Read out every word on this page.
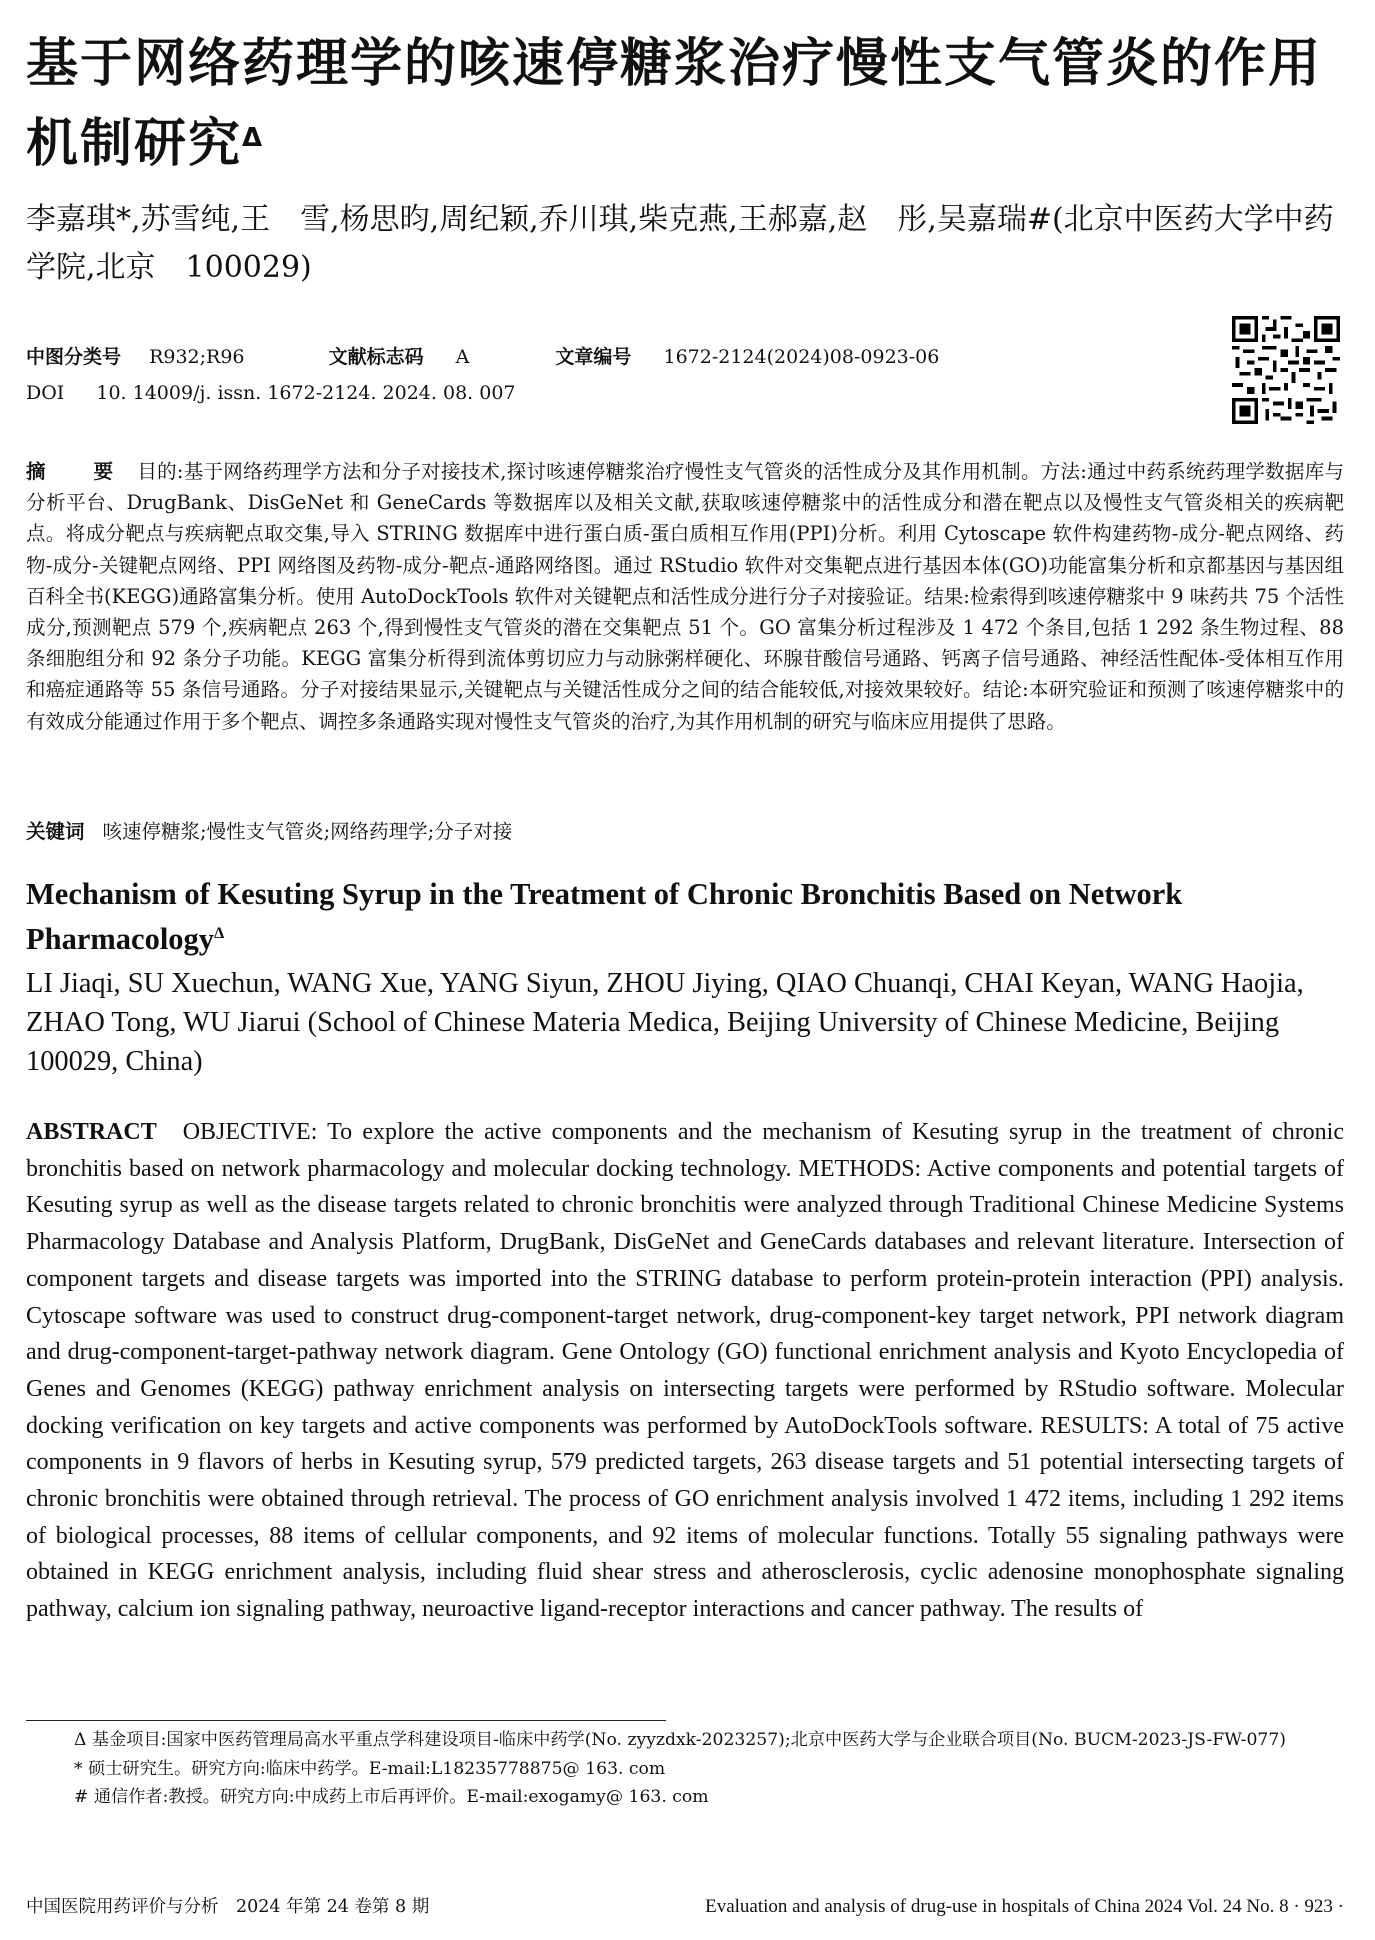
基于网络药理学的咳速停糖浆治疗慢性支气管炎的作用机制研究$^\Delta$
李嘉琪*,苏雪纯,王　雪,杨思昀,周纪颖,乔川琪,柴克燕,王郝嘉,赵　彤,吴嘉瑞#(北京中医药大学中药学院,北京　100029)
中图分类号 R932;R96	文献标志码 A	文章编号 1672-2124(2024)08-0923-06
DOI 10. 14009/j. issn. 1672-2124. 2024. 08. 007
摘　要 目的:基于网络药理学方法和分子对接技术,探讨咳速停糖浆治疗慢性支气管炎的活性成分及其作用机制。方法:通过中药系统药理学数据库与分析平台、DrugBank、DisGeNet 和 GeneCards 等数据库以及相关文献,获取咳速停糖浆中的活性成分和潜在靶点以及慢性支气管炎相关的疾病靶点。将成分靶点与疾病靶点取交集,导入 STRING 数据库中进行蛋白质-蛋白质相互作用(PPI)分析。利用 Cytoscape 软件构建药物-成分-靶点网络、药物-成分-关键靶点网络、PPI 网络图及药物-成分-靶点-通路网络图。通过 RStudio 软件对交集靶点进行基因本体(GO)功能富集分析和京都基因与基因组百科全书(KEGG)通路富集分析。使用 AutoDockTools 软件对关键靶点和活性成分进行分子对接验证。结果:检索得到咳速停糖浆中 9 味药共 75 个活性成分,预测靶点 579 个,疾病靶点 263 个,得到慢性支气管炎的潜在交集靶点 51 个。GO 富集分析过程涉及 1 472 个条目,包括 1 292 条生物过程、88 条细胞组分和 92 条分子功能。KEGG 富集分析得到流体剪切应力与动脉粥样硬化、环腺苷酸信号通路、钙离子信号通路、神经活性配体-受体相互作用和癌症通路等 55 条信号通路。分子对接结果显示,关键靶点与关键活性成分之间的结合能较低,对接效果较好。结论:本研究验证和预测了咳速停糖浆中的有效成分能通过作用于多个靶点、调控多条通路实现对慢性支气管炎的治疗,为其作用机制的研究与临床应用提供了思路。
关键词 咳速停糖浆;慢性支气管炎;网络药理学;分子对接
Mechanism of Kesuting Syrup in the Treatment of Chronic Bronchitis Based on Network Pharmacology$^\Delta$
LI Jiaqi, SU Xuechun, WANG Xue, YANG Siyun, ZHOU Jiying, QIAO Chuanqi, CHAI Keyan, WANG Haojia, ZHAO Tong, WU Jiarui (School of Chinese Materia Medica, Beijing University of Chinese Medicine, Beijing 100029, China)
ABSTRACT OBJECTIVE: To explore the active components and the mechanism of Kesuting syrup in the treatment of chronic bronchitis based on network pharmacology and molecular docking technology. METHODS: Active components and potential targets of Kesuting syrup as well as the disease targets related to chronic bronchitis were analyzed through Traditional Chinese Medicine Systems Pharmacology Database and Analysis Platform, DrugBank, DisGeNet and GeneCards databases and relevant literature. Intersection of component targets and disease targets was imported into the STRING database to perform protein-protein interaction (PPI) analysis. Cytoscape software was used to construct drug-component-target network, drug-component-key target network, PPI network diagram and drug-component-target-pathway network diagram. Gene Ontology (GO) functional enrichment analysis and Kyoto Encyclopedia of Genes and Genomes (KEGG) pathway enrichment analysis on intersecting targets were performed by RStudio software. Molecular docking verification on key targets and active components was performed by AutoDockTools software. RESULTS: A total of 75 active components in 9 flavors of herbs in Kesuting syrup, 579 predicted targets, 263 disease targets and 51 potential intersecting targets of chronic bronchitis were obtained through retrieval. The process of GO enrichment analysis involved 1 472 items, including 1 292 items of biological processes, 88 items of cellular components, and 92 items of molecular functions. Totally 55 signaling pathways were obtained in KEGG enrichment analysis, including fluid shear stress and atherosclerosis, cyclic adenosine monophosphate signaling pathway, calcium ion signaling pathway, neuroactive ligand-receptor interactions and cancer pathway. The results of
Δ 基金项目:国家中医药管理局高水平重点学科建设项目-临床中药学(No. zyyzdxk-2023257);北京中医药大学与企业联合项目(No. BUCM-2023-JS-FW-077)
* 硕士研究生。研究方向:临床中药学。E-mail:L18235778875@ 163. com
# 通信作者:教授。研究方向:中成药上市后再评价。E-mail:exogamy@ 163. com
中国医院用药评价与分析　2024 年第 24 卷第 8 期	Evaluation and analysis of drug-use in hospitals of China 2024 Vol. 24 No. 8 · 923 ·
